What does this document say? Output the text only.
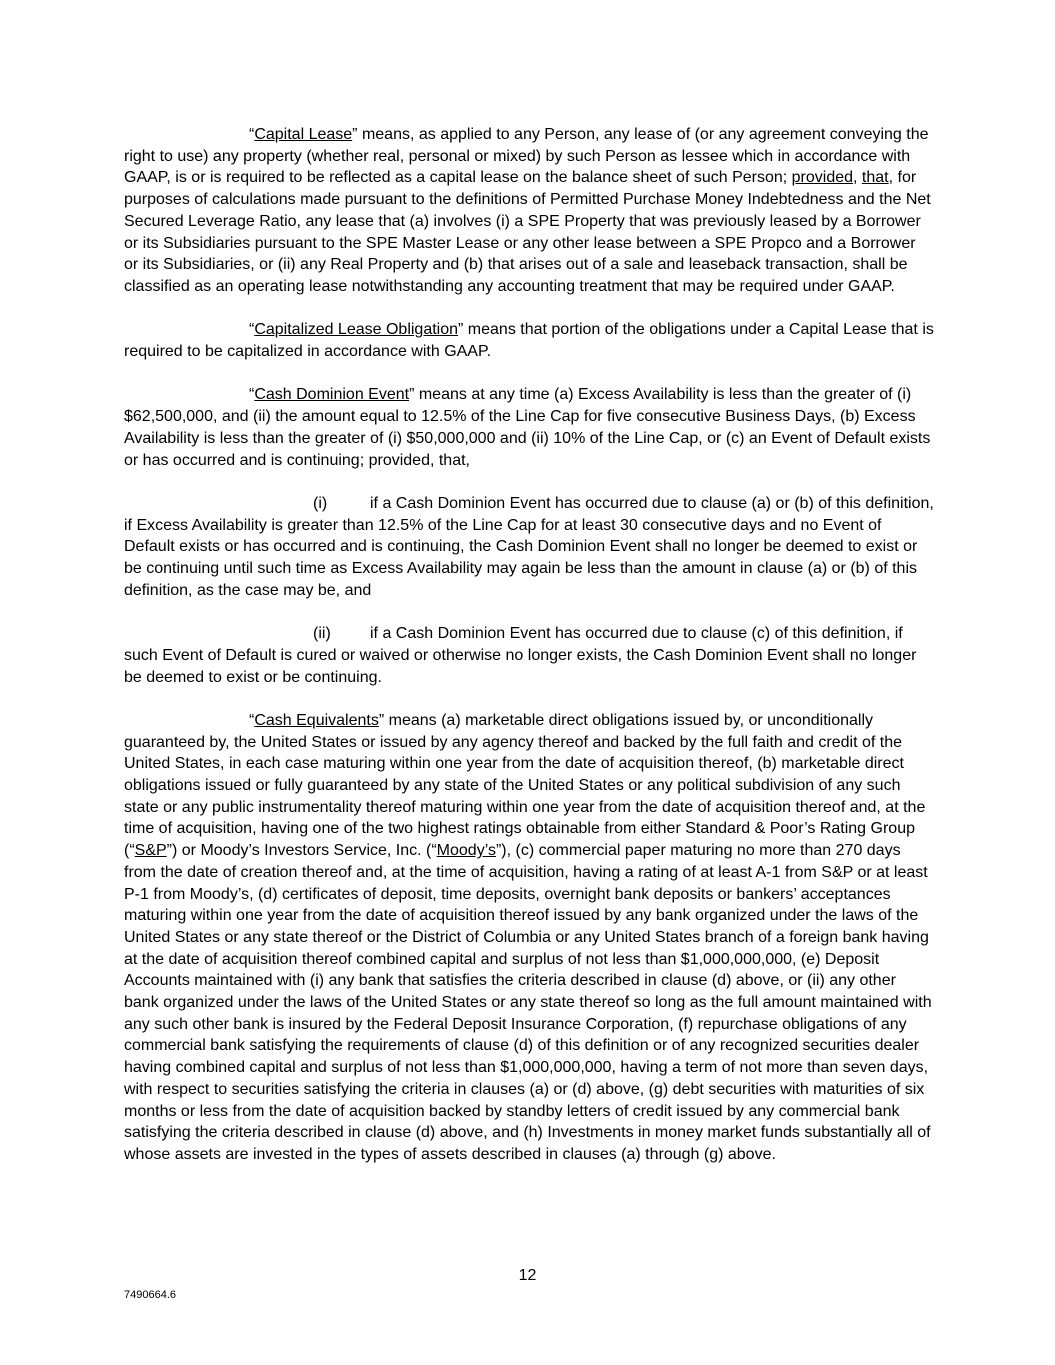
“Capital Lease” means, as applied to any Person, any lease of (or any agreement conveying the right to use) any property (whether real, personal or mixed) by such Person as lessee which in accordance with GAAP, is or is required to be reflected as a capital lease on the balance sheet of such Person; provided, that, for purposes of calculations made pursuant to the definitions of Permitted Purchase Money Indebtedness and the Net Secured Leverage Ratio, any lease that (a) involves (i) a SPE Property that was previously leased by a Borrower or its Subsidiaries pursuant to the SPE Master Lease or any other lease between a SPE Propco and a Borrower or its Subsidiaries, or (ii) any Real Property and (b) that arises out of a sale and leaseback transaction, shall be classified as an operating lease notwithstanding any accounting treatment that may be required under GAAP.

“Capitalized Lease Obligation” means that portion of the obligations under a Capital Lease that is required to be capitalized in accordance with GAAP.

“Cash Dominion Event” means at any time (a) Excess Availability is less than the greater of (i) $62,500,000, and (ii) the amount equal to 12.5% of the Line Cap for five consecutive Business Days, (b) Excess Availability is less than the greater of (i) $50,000,000 and (ii) 10% of the Line Cap, or (c) an Event of Default exists or has occurred and is continuing; provided, that,

(i)	if a Cash Dominion Event has occurred due to clause (a) or (b) of this definition, if Excess Availability is greater than 12.5% of the Line Cap for at least 30 consecutive days and no Event of Default exists or has occurred and is continuing, the Cash Dominion Event shall no longer be deemed to exist or be continuing until such time as Excess Availability may again be less than the amount in clause (a) or (b) of this definition, as the case may be, and

(ii) if a Cash Dominion Event has occurred due to clause (c) of this definition, if such Event of Default is cured or waived or otherwise no longer exists, the Cash Dominion Event shall no longer be deemed to exist or be continuing.

“Cash Equivalents” means (a) marketable direct obligations issued by, or unconditionally guaranteed by, the United States or issued by any agency thereof and backed by the full faith and credit of the United States, in each case maturing within one year from the date of acquisition thereof, (b) marketable direct obligations issued or fully guaranteed by any state of the United States or any political subdivision of any such state or any public instrumentality thereof maturing within one year from the date of acquisition thereof and, at the time of acquisition, having one of the two highest ratings obtainable from either Standard & Poor’s Rating Group (“S&P”) or Moody’s Investors Service, Inc. (“Moody’s”), (c) commercial paper maturing no more than 270 days from the date of creation thereof and, at the time of acquisition, having a rating of at least A-1 from S&P or at least P-1 from Moody’s, (d) certificates of deposit, time deposits, overnight bank deposits or bankers’ acceptances maturing within one year from the date of acquisition thereof issued by any bank organized under the laws of the United States or any state thereof or the District of Columbia or any United States branch of a foreign bank having at the date of acquisition thereof combined capital and surplus of not less than $1,000,000,000, (e) Deposit Accounts maintained with (i) any bank that satisfies the criteria described in clause (d) above, or (ii) any other bank organized under the laws of the United States or any state thereof so long as the full amount maintained with any such other bank is insured by the Federal Deposit Insurance Corporation, (f) repurchase obligations of any commercial bank satisfying the requirements of clause (d) of this definition or of any recognized securities dealer having combined capital and surplus of not less than $1,000,000,000, having a term of not more than seven days, with respect to securities satisfying the criteria in clauses (a) or (d) above, (g) debt securities with maturities of six months or less from the date of acquisition backed by standby letters of credit issued by any commercial bank satisfying the criteria described in clause (d) above, and (h) Investments in money market funds substantially all of whose assets are invested in the types of assets described in clauses (a) through (g) above.

12
7490664.6
